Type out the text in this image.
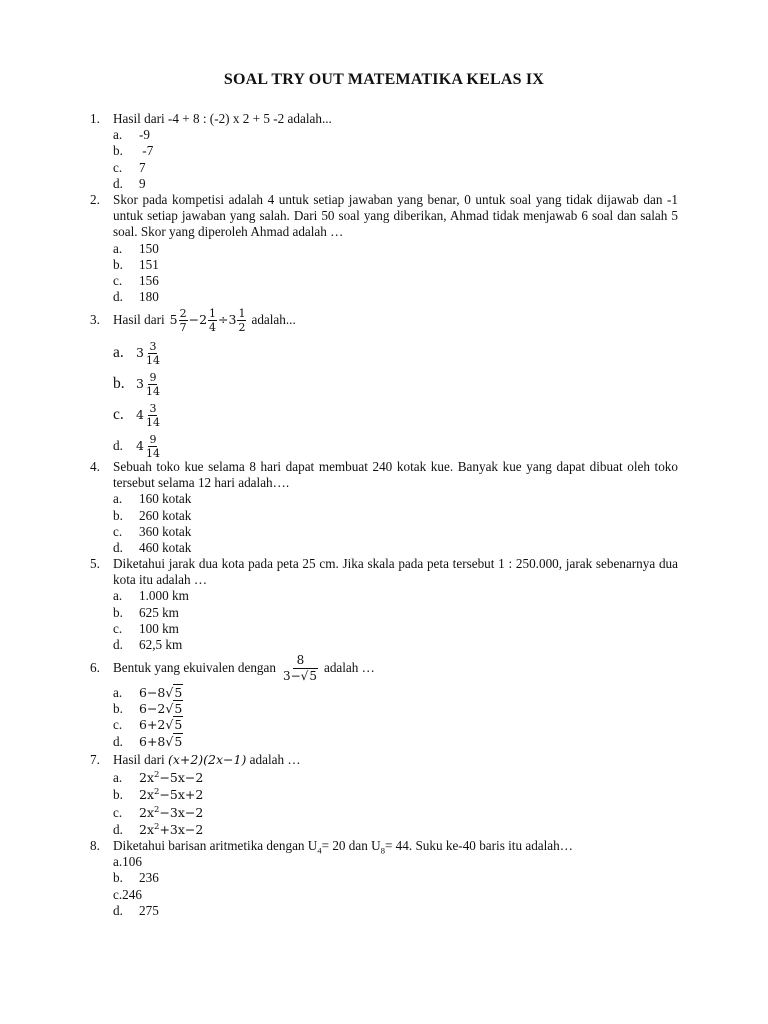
SOAL TRY OUT MATEMATIKA KELAS IX
1. Hasil dari -4 + 8 : (-2) x 2 + 5 -2 adalah...
a.	-9
b.	-7
c.	7
d.	9
2. Skor pada kompetisi adalah 4 untuk setiap jawaban yang benar, 0 untuk soal yang tidak dijawab dan -1 untuk setiap jawaban yang salah. Dari 50 soal yang diberikan, Ahmad tidak menjawab 6 soal dan salah 5 soal. Skor yang diperoleh Ahmad adalah …
a.	150
b.	151
c.	156
d.	180
3. Hasil dari $5 \frac{2}{7} -2 \frac{1}{4} \div 3 \frac{1}{2}$ adalah...
a. $3 \frac{3}{14}$
b. $3 \frac{9}{14}$
c. $4 \frac{3}{14}$
d.	$4 \frac{9}{14}$
4. Sebuah toko kue selama 8 hari dapat membuat 240 kotak kue. Banyak kue yang dapat dibuat oleh toko tersebut selama 12 hari adalah….
a.	160 kotak
b.	260 kotak
c.	360 kotak
d.	460 kotak
5. Diketahui jarak dua kota pada peta 25 cm. Jika skala pada peta tersebut 1 : 250.000, jarak sebenarnya dua kota itu adalah …
a.	1.000 km
b.	625 km
c.	100 km
d.	62,5 km
6. Bentuk yang ekuivalen dengan $\frac{8}{3-√5}$ adalah …
a.	6−8√5
b.	6−2√5
c.	6+2√5
d.	6+8√5
7. Hasil dari (x+2)(2x−1) adalah …
a.	$2x^2-5x-2$
b.	$2x^2-5x+2$
c.	$2x^2-3x-2$
d.	$2x^2+3x-2$
8. Diketahui barisan aritmetika dengan $U_4= 20$ dan $U_8= 44$. Suku ke-40 baris itu adalah…
a. 106
b.	236
c. 246
d.	275
